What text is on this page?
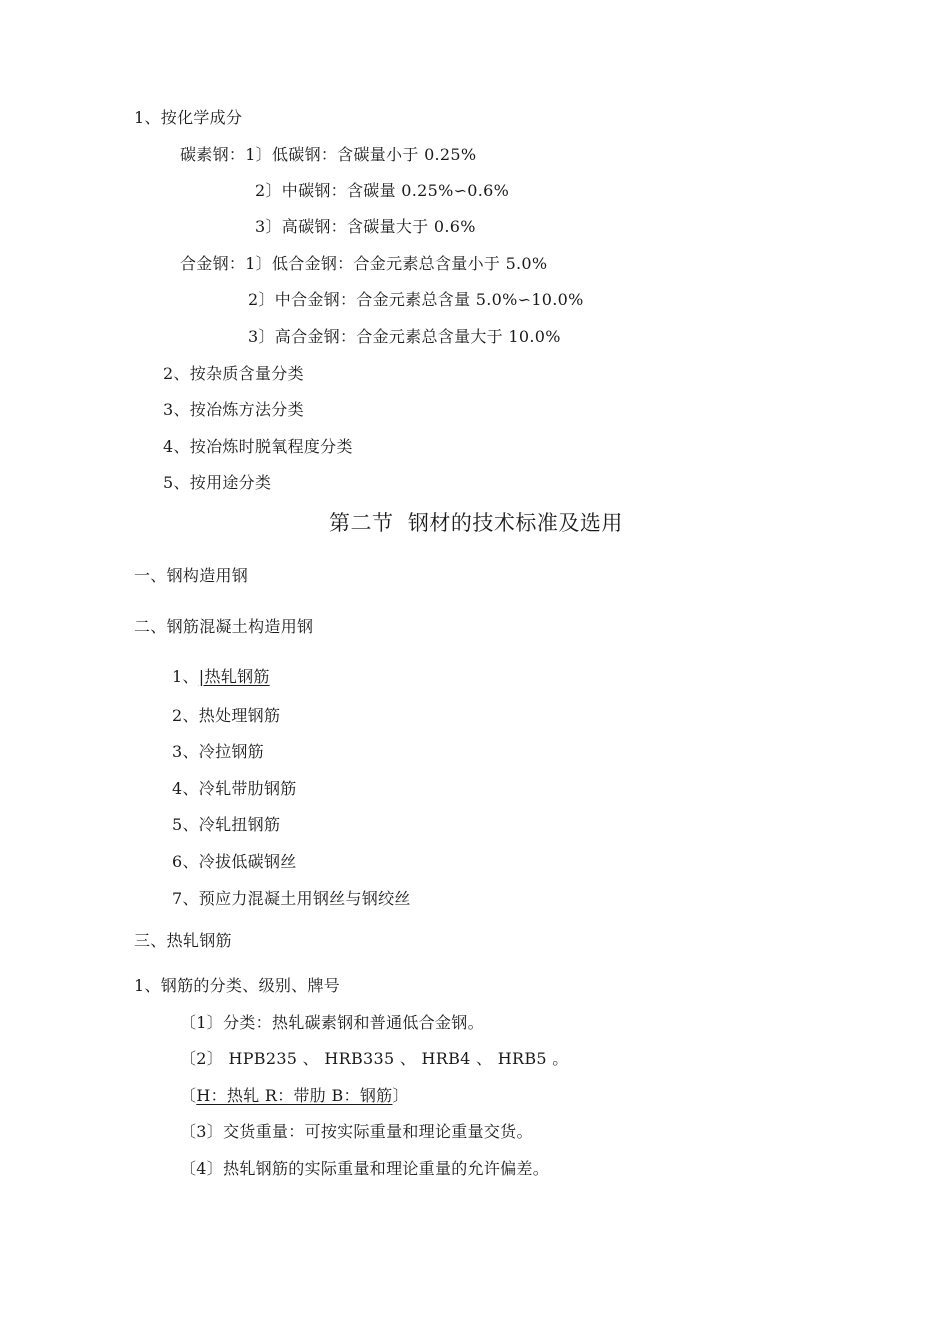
1、按化学成分
碳素钢：1〕低碳钢：含碳量小于 0.25%
2〕中碳钢：含碳量 0.25%∽0.6%
3〕高碳钢：含碳量大于 0.6%
合金钢：1〕低合金钢：合金元素总含量小于 5.0%
2〕中合金钢：合金元素总含量 5.0%∽10.0%
3〕高合金钢：合金元素总含量大于 10.0%
2、按杂质含量分类
3、按冶炼方法分类
4、按冶炼时脱氧程度分类
5、按用途分类
第二节  钢材的技术标准及选用
一、钢构造用钢
二、钢筋混凝土构造用钢
1、|热轧钢筋
2、热处理钢筋
3、冷拉钢筋
4、冷轧带肋钢筋
5、冷轧扭钢筋
6、冷拔低碳钢丝
7、预应力混凝土用钢丝与钢绞丝
三、热轧钢筋
1、钢筋的分类、级别、牌号
〔1〕分类：热轧碳素钢和普通低合金钢。
〔2〕 HPB235 、 HRB335 、 HRB4 、 HRB5 。
〔H：热轧 R：带肋 B：钢筋〕
〔3〕交货重量：可按实际重量和理论重量交货。
〔4〕热轧钢筋的实际重量和理论重量的允许偏差。
